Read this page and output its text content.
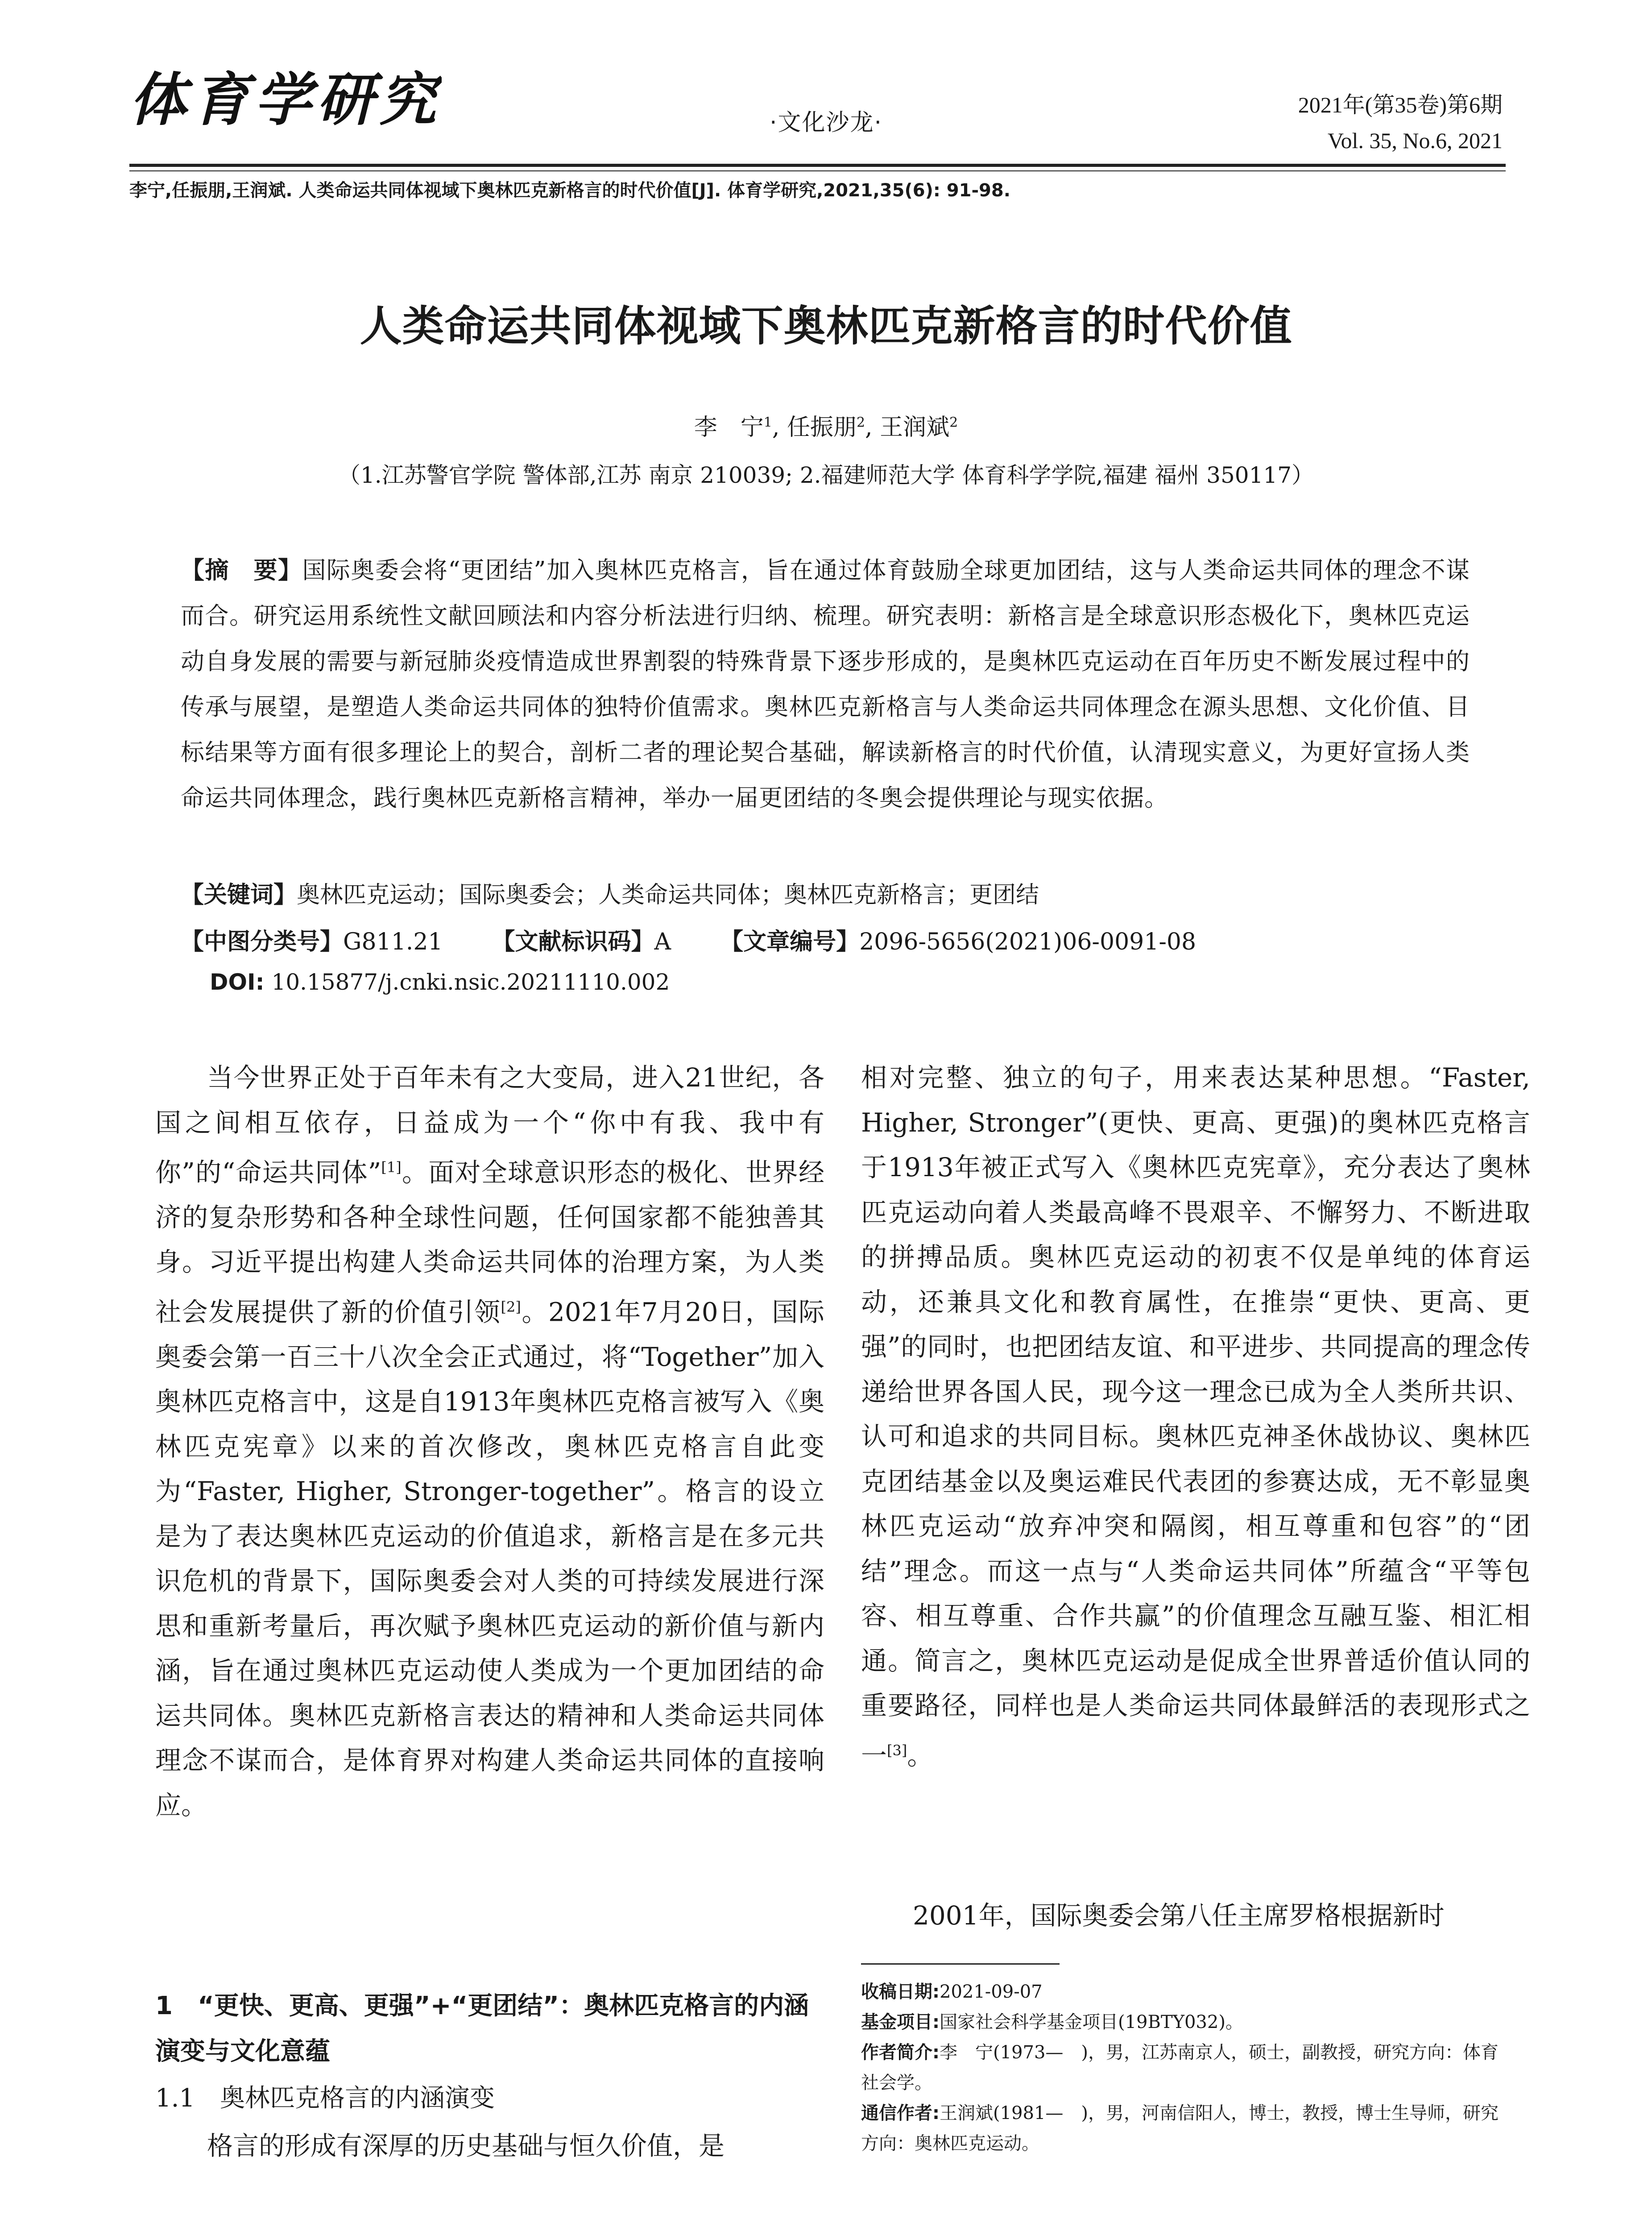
体育学研究	·文化沙龙·
2021年(第35卷)第6期
Vol. 35, No.6, 2021
李宁,任振朋,王润斌. 人类命运共同体视域下奥林匹克新格言的时代价值[J]. 体育学研究,2021,35(6): 91-98.
人类命运共同体视域下奥林匹克新格言的时代价值
李　宁$^1$, 任振朋$^2$, 王润斌$^2$
（1.江苏警官学院 警体部,江苏 南京 210039; 2.福建师范大学 体育科学学院,福建 福州 350117）
【摘　要】国际奥委会将“更团结”加入奥林匹克格言，旨在通过体育鼓励全球更加团结，这与人类命运共同体的理念不谋而合。研究运用系统性文献回顾法和内容分析法进行归纳、梳理。研究表明：新格言是全球意识形态极化下，奥林匹克运动自身发展的需要与新冠肺炎疫情造成世界割裂的特殊背景下逐步形成的，是奥林匹克运动在百年历史不断发展过程中的传承与展望，是塑造人类命运共同体的独特价值需求。奥林匹克新格言与人类命运共同体理念在源头思想、文化价值、目标结果等方面有很多理论上的契合，剖析二者的理论契合基础，解读新格言的时代价值，认清现实意义，为更好宣扬人类命运共同体理念，践行奥林匹克新格言精神，举办一届更团结的冬奥会提供理论与现实依据。
【关键词】奥林匹克运动；国际奥委会；人类命运共同体；奥林匹克新格言；更团结
【中图分类号】G811.21 【文献标识码】A 【文章编号】2096-5656(2021)06-0091-08
DOI: 10.15877/j.cnki.nsic.20211110.002

当今世界正处于百年未有之大变局，进入21世纪，各国之间相互依存，日益成为一个“你中有我、我中有你”的“命运共同体”[1]。面对全球意识形态的极化、世界经济的复杂形势和各种全球性问题，任何国家都不能独善其身。习近平提出构建人类命运共同体的治理方案，为人类社会发展提供了新的价值引领[2]。2021年7月20日，国际奥委会第一百三十八次全会正式通过，将“Together”加入奥林匹克格言中，这是自1913年奥林匹克格言被写入《奥林匹克宪章》以来的首次修改，奥林匹克格言自此变为“Faster, Higher, Stronger-together”。格言的设立是为了表达奥林匹克运动的价值追求，新格言是在多元共识危机的背景下，国际奥委会对人类的可持续发展进行深思和重新考量后，再次赋予奥林匹克运动的新价值与新内涵，旨在通过奥林匹克运动使人类成为一个更加团结的命运共同体。奥林匹克新格言表达的精神和人类命运共同体理念不谋而合，是体育界对构建人类命运共同体的直接响应。

1　“更快、更高、更强”+“更团结”：奥林匹克格言的内涵演变与文化意蕴
1.1　奥林匹克格言的内涵演变
格言的形成有深厚的历史基础与恒久价值，是

相对完整、独立的句子，用来表达某种思想。“Faster, Higher, Stronger”(更快、更高、更强)的奥林匹克格言于1913年被正式写入《奥林匹克宪章》，充分表达了奥林匹克运动向着人类最高峰不畏艰辛、不懈努力、不断进取的拼搏品质。奥林匹克运动的初衷不仅是单纯的体育运动，还兼具文化和教育属性，在推崇“更快、更高、更强”的同时，也把团结友谊、和平进步、共同提高的理念传递给世界各国人民，现今这一理念已成为全人类所共识、认可和追求的共同目标。奥林匹克神圣休战协议、奥林匹克团结基金以及奥运难民代表团的参赛达成，无不彰显奥林匹克运动“放弃冲突和隔阂，相互尊重和包容”的“团结”理念。而这一点与“人类命运共同体”所蕴含“平等包容、相互尊重、合作共赢”的价值理念互融互鉴、相汇相通。简言之，奥林匹克运动是促成全世界普适价值认同的重要路径，同样也是人类命运共同体最鲜活的表现形式之一[3]。

2001年，国际奥委会第八任主席罗格根据新时
收稿日期:2021-09-07
基金项目:国家社会科学基金项目(19BTY032)。
作者简介:李　宁(1973—　)，男，江苏南京人，硕士，副教授，研究方向：体育社会学。
通信作者:王润斌(1981—　)，男，河南信阳人，博士，教授，博士生导师，研究方向：奥林匹克运动。
